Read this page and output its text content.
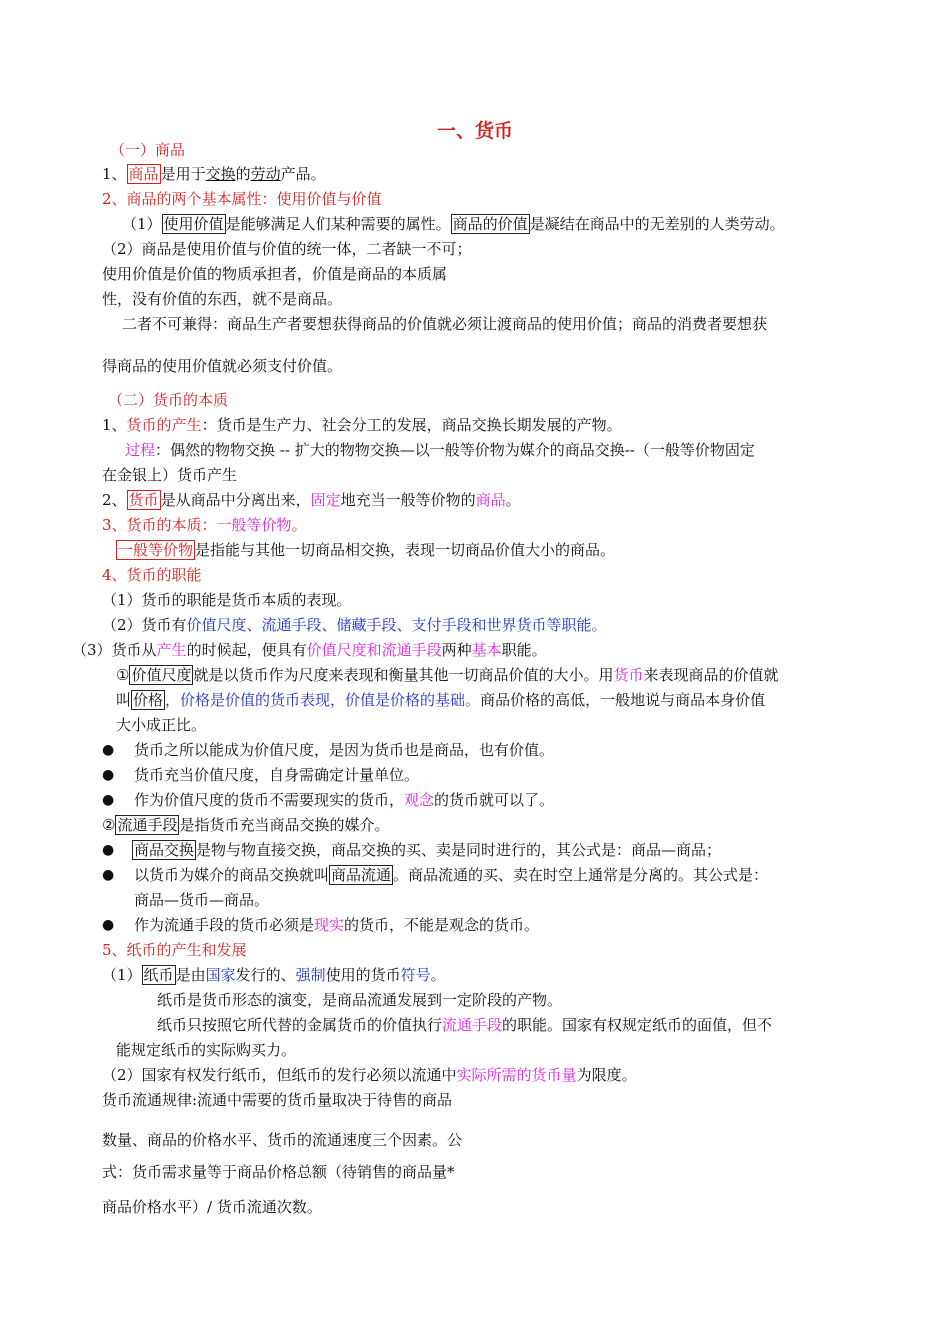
一、货币
（一）商品
1、 商品 是用于交换的劳动产品。
2、商品的两个基本属性：使用价值与价值
（1） 使用价值 是能够满足人们某种需要的属性。 商品的价值 是凝结在商品中的无差别的人类劳动。
（2）商品是使用价值与价值的统一体，二者缺一不可；
使用价值是价值的物质承担者，价值是商品的本质属
性，没有价值的东西，就不是商品。
二者不可兼得：商品生产者要想获得商品的价值就必须让渡商品的使用价值；商品的消费者要想获
得商品的使用价值就必须支付价值。
（二）货币的本质
1、货币的产生：货币是生产力、社会分工的发展，商品交换长期发展的产物。
过程：偶然的物物交换 -- 扩大的物物交换—以一般等价物为媒介的商品交换--（一般等价物固定
在金银上）货币产生
2、 货币 是从商品中分离出来，固定地充当一般等价物的商品。
3、货币的本质：一般等价物。
一般等价物 是指能与其他一切商品相交换，表现一切商品价值大小的商品。
4、货币的职能
（1）货币的职能是货币本质的表现。
（2）货币有价值尺度、流通手段、储藏手段、支付手段和世界货币等职能。
（3）货币从产生的时候起，便具有价值尺度和流通手段两种基本职能。
① 价值尺度 就是以货币作为尺度来表现和衡量其他一切商品价值的大小。用货币来表现商品的价值就
叫 价格 ，价格是价值的货币表现，价值是价格的基础。商品价格的高低，一般地说与商品本身价值
大小成正比。
● 货币之所以能成为价值尺度，是因为货币也是商品，也有价值。
● 货币充当价值尺度，自身需确定计量单位。
● 作为价值尺度的货币不需要现实的货币，观念的货币就可以了。
② 流通手段 是指货币充当商品交换的媒介。
● 商品交换 是物与物直接交换，商品交换的买、卖是同时进行的，其公式是：商品—商品；
● 以货币为媒介的商品交换就叫 商品流通 。商品流通的买、卖在时空上通常是分离的。其公式是：
商品—货币—商品。
● 作为流通手段的货币必须是现实的货币，不能是观念的货币。
5、纸币的产生和发展
（1） 纸币 是由国家发行的、强制使用的货币符号。
纸币是货币形态的演变，是商品流通发展到一定阶段的产物。
纸币只按照它所代替的金属货币的价值执行流通手段的职能。国家有权规定纸币的面值，但不
能规定纸币的实际购买力。
（2）国家有权发行纸币，但纸币的发行必须以流通中实际所需的货币量为限度。
货币流通规律:流通中需要的货币量取决于待售的商品
数量、商品的价格水平、货币的流通速度三个因素。公
式：货币需求量等于商品价格总额（待销售的商品量*
商品价格水平）/ 货币流通次数。
